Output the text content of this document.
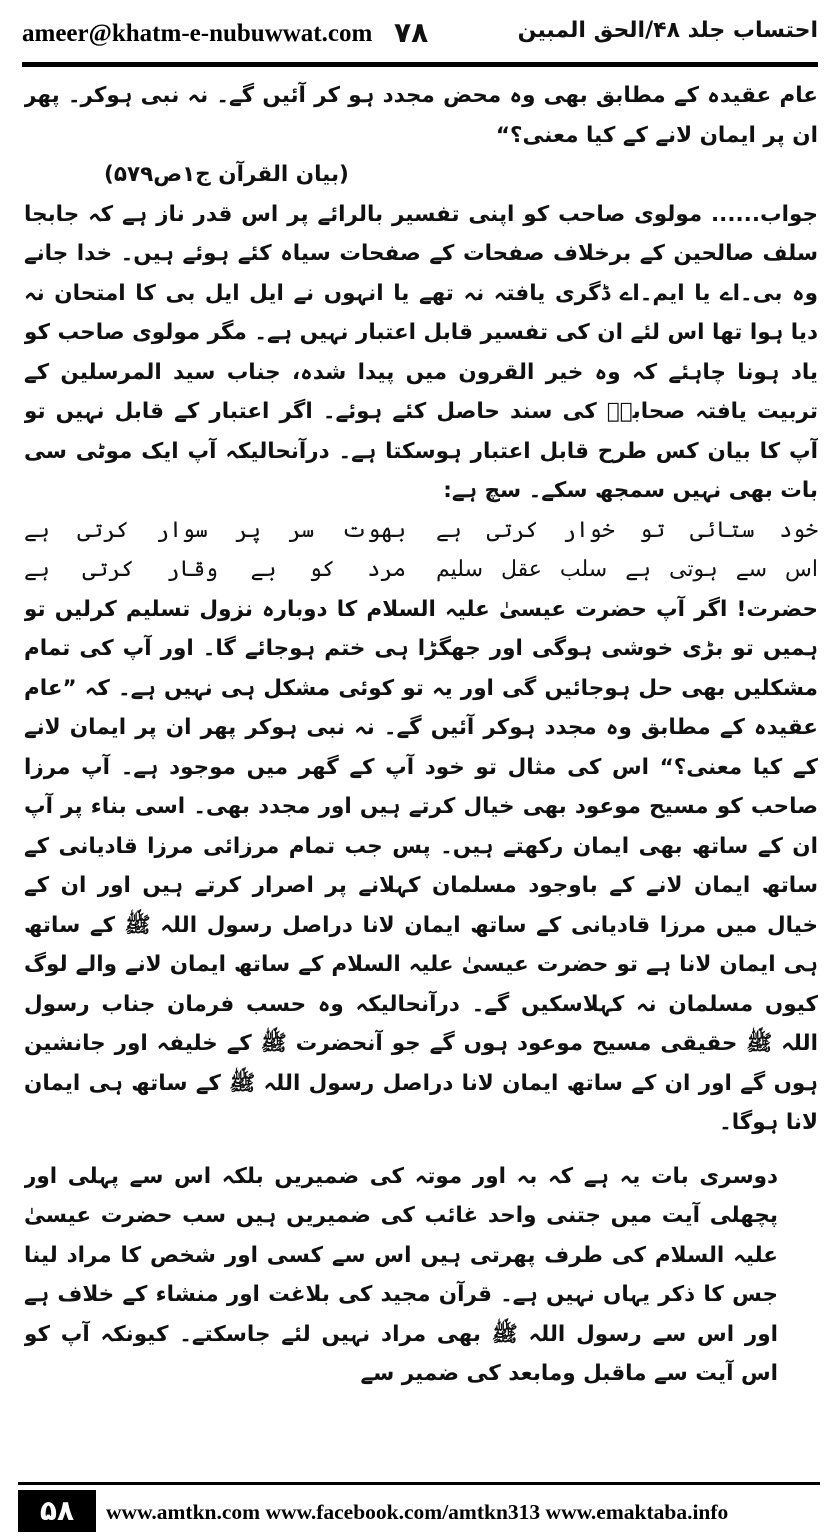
ameer@khatm-e-nubuwwat.com ۷۸	احتساب جلد ۴۸/الحق المبین

عام عقیدہ کے مطابق بھی وہ محض مجدد ہو کر آئیں گے۔ نہ نبی ہوکر۔ پھر ان پر ایمان لانے کے کیا معنی؟“
(بیان القرآن ج۱ص۵۷۹)

جواب...... مولوی صاحب کو اپنی تفسیر بالرائے پر اس قدر ناز ہے کہ جابجا سلف صالحین کے برخلاف صفحات کے صفحات سیاہ کئے ہوئے ہیں۔ خدا جانے وہ بی۔اے یا ایم۔اے ڈگری یافتہ نہ تھے یا انہوں نے ایل ایل بی کا امتحان نہ دیا ہوا تھا اس لئے ان کی تفسیر قابل اعتبار نہیں ہے۔ مگر مولوی صاحب کو یاد ہونا چاہئے کہ وہ خیر القرون میں پیدا شدہ، جناب سید المرسلین کے تربیت یافتہ صحابہؓ کی سند حاصل کئے ہوئے۔ اگر اعتبار کے قابل نہیں تو آپ کا بیان کس طرح قابل اعتبار ہوسکتا ہے۔ درآنحالیکہ آپ ایک موٹی سی بات بھی نہیں سمجھ سکے۔ سچ ہے:

خود ستائی تو خوار کرتی ہے
بھوت سر پر سوار کرتی ہے
اس سے ہوتی ہے سلب عقل سلیم
مرد کو بے وقار کرتی ہے

حضرت! اگر آپ حضرت عیسیٰ علیہ السلام کا دوبارہ نزول تسلیم کرلیں تو ہمیں تو بڑی خوشی ہوگی اور جھگڑا ہی ختم ہوجائے گا۔ اور آپ کی تمام مشکلیں بھی حل ہوجائیں گی اور یہ تو کوئی مشکل ہی نہیں ہے۔ کہ ”عام عقیدہ کے مطابق وہ مجدد ہوکر آئیں گے۔ نہ نبی ہوکر پھر ان پر ایمان لانے کے کیا معنی؟“ اس کی مثال تو خود آپ کے گھر میں موجود ہے۔ آپ مرزا صاحب کو مسیح موعود بھی خیال کرتے ہیں اور مجدد بھی۔ اسی بناء پر آپ ان کے ساتھ بھی ایمان رکھتے ہیں۔ پس جب تمام مرزائی مرزا قادیانی کے ساتھ ایمان لانے کے باوجود مسلمان کہلانے پر اصرار کرتے ہیں اور ان کے خیال میں مرزا قادیانی کے ساتھ ایمان لانا دراصل رسول اللہ ﷺ کے ساتھ ہی ایمان لانا ہے تو حضرت عیسیٰ علیہ السلام کے ساتھ ایمان لانے والے لوگ کیوں مسلمان نہ کہلاسکیں گے۔ درآنحالیکہ وہ حسب فرمان جناب رسول اللہ ﷺ حقیقی مسیح موعود ہوں گے جو آنحضرت ﷺ کے خلیفہ اور جانشین ہوں گے اور ان کے ساتھ ایمان لانا دراصل رسول اللہ ﷺ کے ساتھ ہی ایمان لانا ہوگا۔

دوسری بات یہ ہے کہ بہ اور موتہ کی ضمیریں بلکہ اس سے پہلی اور پچھلی آیت میں جتنی واحد غائب کی ضمیریں ہیں سب حضرت عیسیٰ علیہ السلام کی طرف پھرتی ہیں اس سے کسی اور شخص کا مراد لینا جس کا ذکر یہاں نہیں ہے۔ قرآن مجید کی بلاغت اور منشاء کے خلاف ہے اور اس سے رسول اللہ ﷺ بھی مراد نہیں لئے جاسکتے۔ کیونکہ آپ کو اس آیت سے ماقبل ومابعد کی ضمیر سے

۵۸	www.amtkn.com www.facebook.com/amtkn313 www.emaktaba.info
